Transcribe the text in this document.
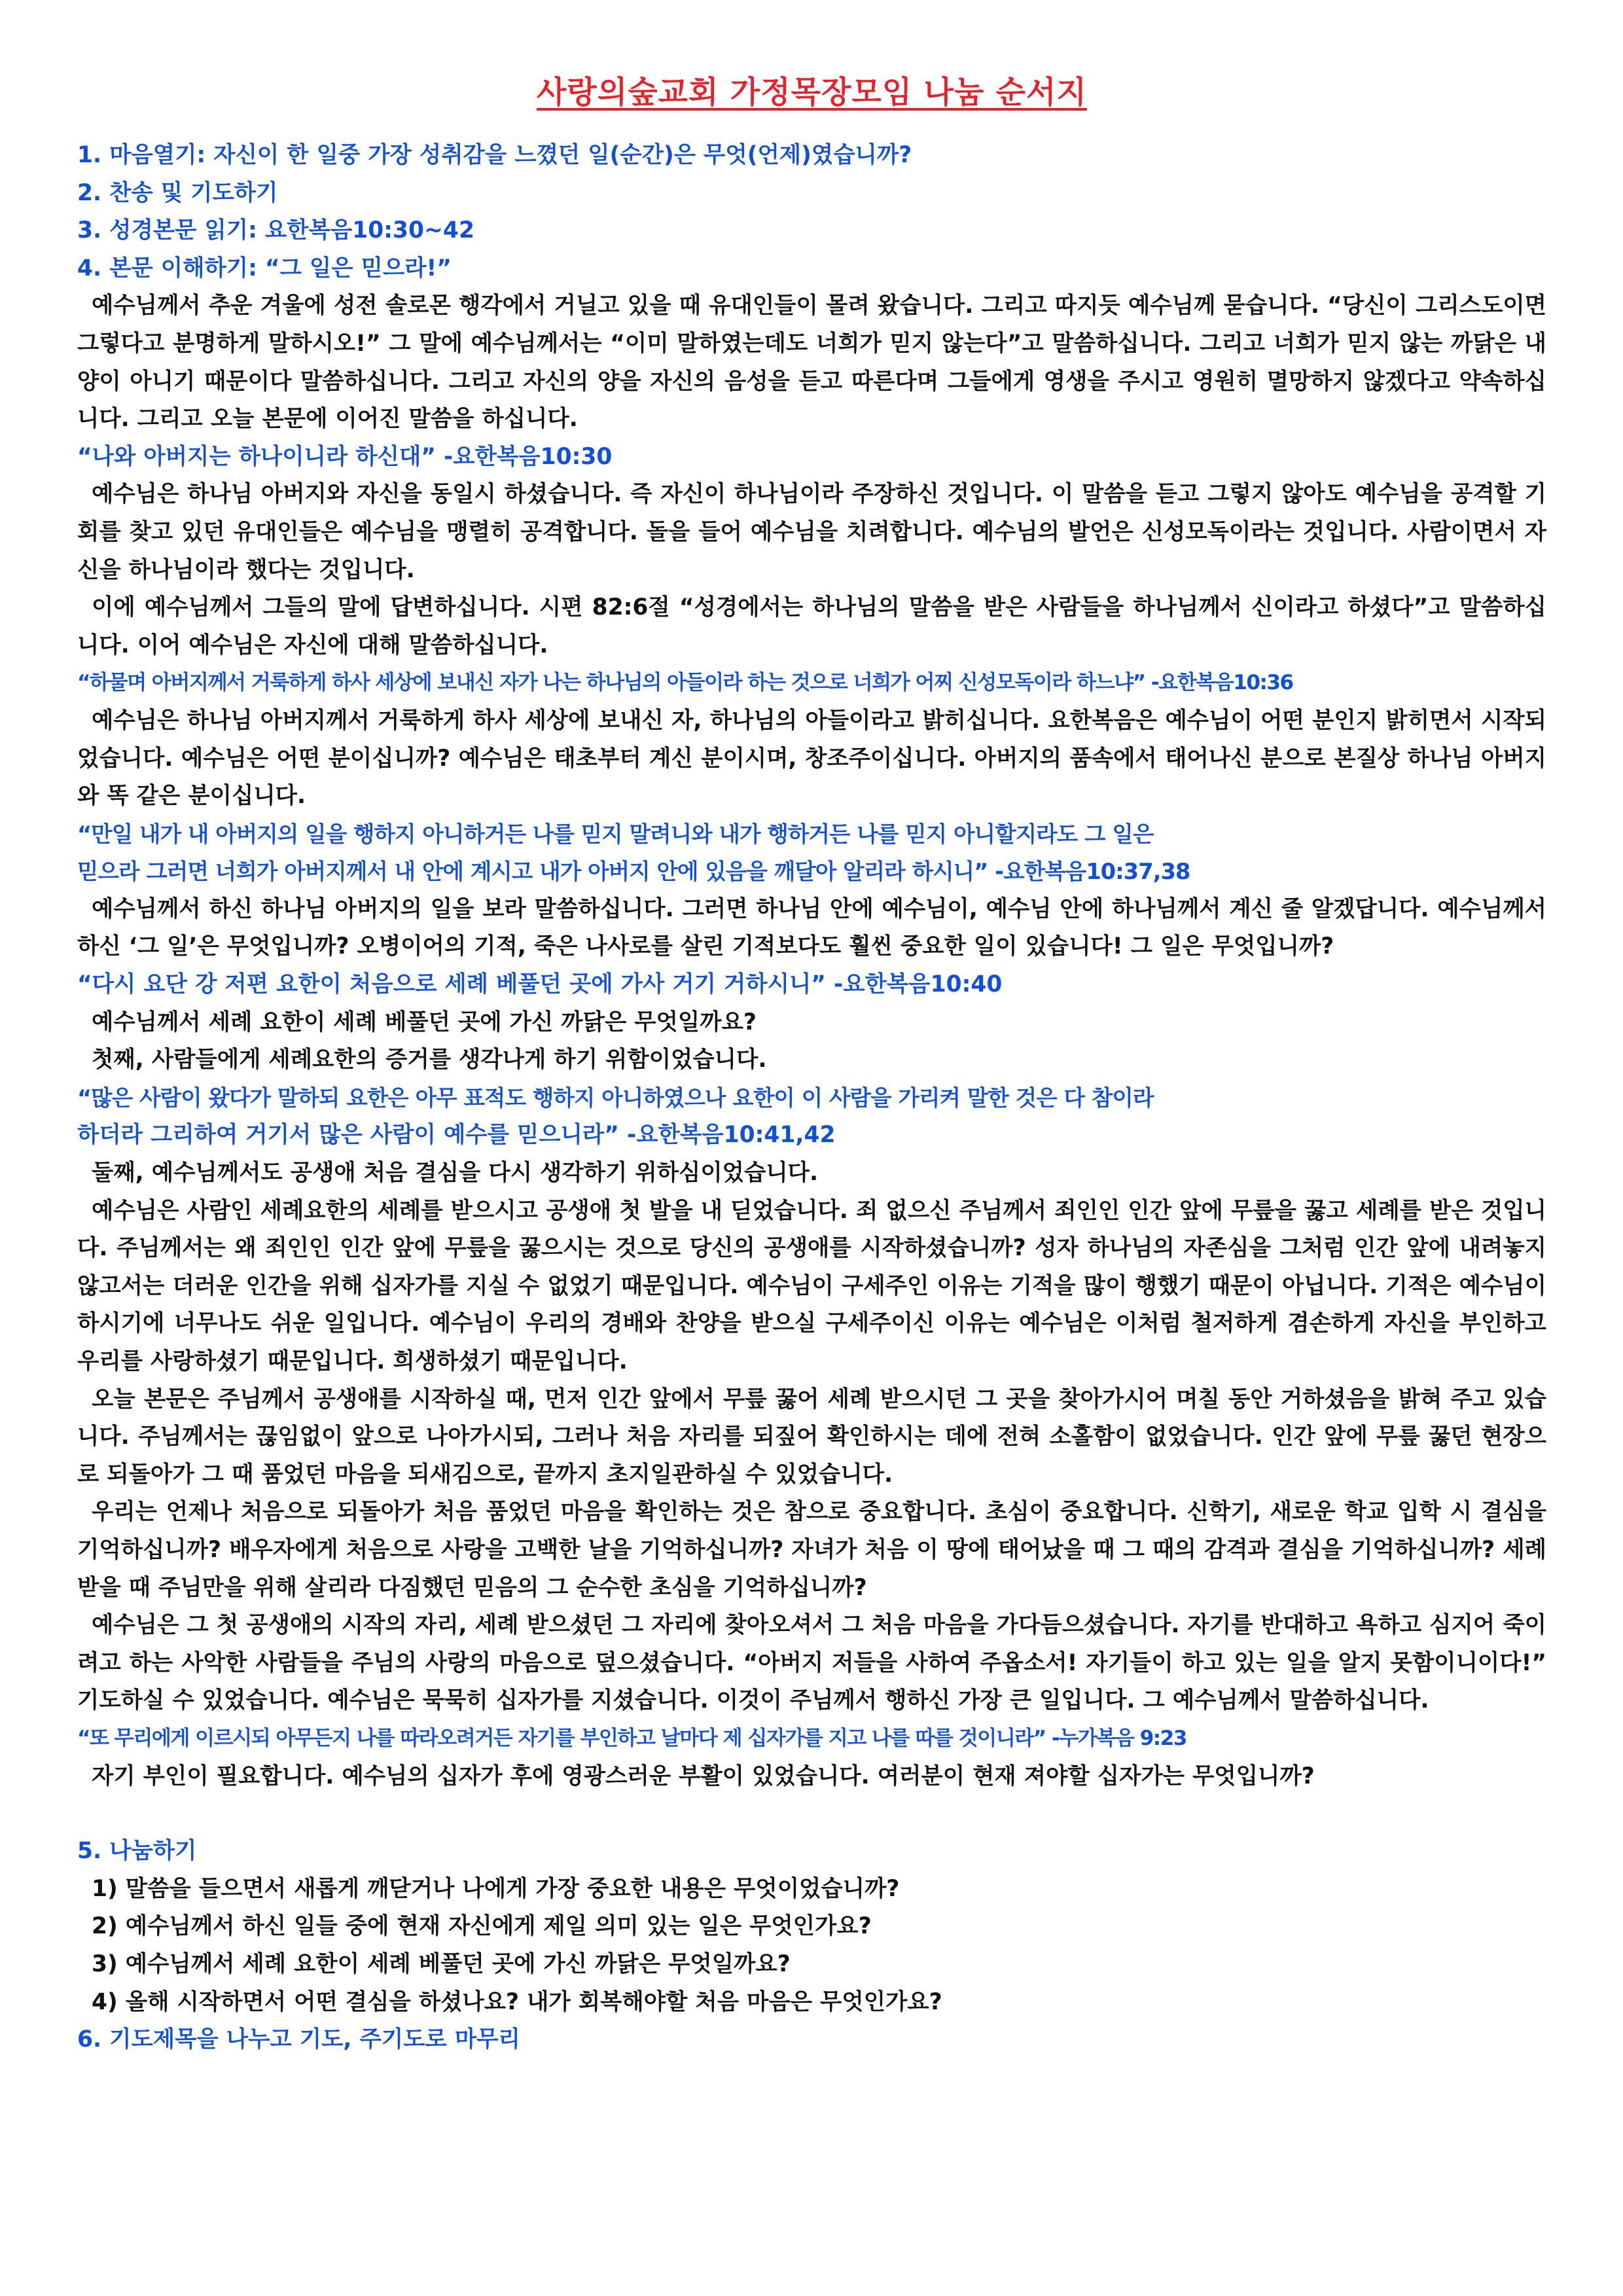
사랑의숲교회 가정목장모임 나눔 순서지

1. 마음열기: 자신이 한 일중 가장 성취감을 느꼈던 일(순간)은 무엇(언제)였습니까?

2. 찬송 및 기도하기

3. 성경본문 읽기: 요한복음10:30~42

4. 본문 이해하기: “그 일은 믿으라!”

예수님께서 추운 겨울에 성전 솔로몬 행각에서 거닐고 있을 때 유대인들이 몰려 왔습니다. 그리고 따지듯 예수님께 묻습니다. “당신이 그리스도이면 그렇다고 분명하게 말하시오!” 그 말에 예수님께서는 “이미 말하였는데도 너희가 믿지 않는다”고 말씀하십니다. 그리고 너희가 믿지 않는 까닭은 내 양이 아니기 때문이다 말씀하십니다. 그리고 자신의 양을 자신의 음성을 듣고 따른다며 그들에게 영생을 주시고 영원히 멸망하지 않겠다고 약속하십니다. 그리고 오늘 본문에 이어진 말씀을 하십니다.

“나와 아버지는 하나이니라 하신대” -요한복음10:30

예수님은 하나님 아버지와 자신을 동일시 하셨습니다. 즉 자신이 하나님이라 주장하신 것입니다. 이 말씀을 듣고 그렇지 않아도 예수님을 공격할 기회를 찾고 있던 유대인들은 예수님을 맹렬히 공격합니다. 돌을 들어 예수님을 치려합니다. 예수님의 발언은 신성모독이라는 것입니다. 사람이면서 자신을 하나님이라 했다는 것입니다.

이에 예수님께서 그들의 말에 답변하십니다. 시편 82:6절 “성경에서는 하나님의 말씀을 받은 사람들을 하나님께서 신이라고 하셨다”고 말씀하십니다. 이어 예수님은 자신에 대해 말씀하십니다.

“하물며 아버지께서 거룩하게 하사 세상에 보내신 자가 나는 하나님의 아들이라 하는 것으로 너희가 어찌 신성모독이라 하느냐” -요한복음10:36

예수님은 하나님 아버지께서 거룩하게 하사 세상에 보내신 자, 하나님의 아들이라고 밝히십니다. 요한복음은 예수님이 어떤 분인지 밝히면서 시작되었습니다. 예수님은 어떤 분이십니까? 예수님은 태초부터 계신 분이시며, 창조주이십니다. 아버지의 품속에서 태어나신 분으로 본질상 하나님 아버지와 똑 같은 분이십니다.

“만일 내가 내 아버지의 일을 행하지 아니하거든 나를 믿지 말려니와 내가 행하거든 나를 믿지 아니할지라도 그 일은

믿으라 그러면 너희가 아버지께서 내 안에 계시고 내가 아버지 안에 있음을 깨달아 알리라 하시니” -요한복음10:37,38

예수님께서 하신 하나님 아버지의 일을 보라 말씀하십니다. 그러면 하나님 안에 예수님이, 예수님 안에 하나님께서 계신 줄 알겠답니다. 예수님께서 하신 ‘그 일’은 무엇입니까? 오병이어의 기적, 죽은 나사로를 살린 기적보다도 훨씬 중요한 일이 있습니다! 그 일은 무엇입니까?

“다시 요단 강 저편 요한이 처음으로 세례 베풀던 곳에 가사 거기 거하시니” -요한복음10:40

예수님께서 세례 요한이 세례 베풀던 곳에 가신 까닭은 무엇일까요?

첫째, 사람들에게 세례요한의 증거를 생각나게 하기 위함이었습니다.

“많은 사람이 왔다가 말하되 요한은 아무 표적도 행하지 아니하였으나 요한이 이 사람을 가리켜 말한 것은 다 참이라

하더라 그리하여 거기서 많은 사람이 예수를 믿으니라” -요한복음10:41,42

둘째, 예수님께서도 공생애 처음 결심을 다시 생각하기 위하심이었습니다.

예수님은 사람인 세례요한의 세례를 받으시고 공생애 첫 발을 내 딛었습니다. 죄 없으신 주님께서 죄인인 인간 앞에 무릎을 꿇고 세례를 받은 것입니다. 주님께서는 왜 죄인인 인간 앞에 무릎을 꿇으시는 것으로 당신의 공생애를 시작하셨습니까? 성자 하나님의 자존심을 그처럼 인간 앞에 내려놓지 않고서는 더러운 인간을 위해 십자가를 지실 수 없었기 때문입니다. 예수님이 구세주인 이유는 기적을 많이 행했기 때문이 아닙니다. 기적은 예수님이 하시기에 너무나도 쉬운 일입니다. 예수님이 우리의 경배와 찬양을 받으실 구세주이신 이유는 예수님은 이처럼 철저하게 겸손하게 자신을 부인하고 우리를 사랑하셨기 때문입니다. 희생하셨기 때문입니다.

오늘 본문은 주님께서 공생애를 시작하실 때, 먼저 인간 앞에서 무릎 꿇어 세례 받으시던 그 곳을 찾아가시어 며칠 동안 거하셨음을 밝혀 주고 있습니다. 주님께서는 끊임없이 앞으로 나아가시되, 그러나 처음 자리를 되짚어 확인하시는 데에 전혀 소홀함이 없었습니다. 인간 앞에 무릎 꿇던 현장으로 되돌아가 그 때 품었던 마음을 되새김으로, 끝까지 초지일관하실 수 있었습니다.

우리는 언제나 처음으로 되돌아가 처음 품었던 마음을 확인하는 것은 참으로 중요합니다. 초심이 중요합니다. 신학기, 새로운 학교 입학 시 결심을 기억하십니까? 배우자에게 처음으로 사랑을 고백한 날을 기억하십니까? 자녀가 처음 이 땅에 태어났을 때 그 때의 감격과 결심을 기억하십니까? 세례 받을 때 주님만을 위해 살리라 다짐했던 믿음의 그 순수한 초심을 기억하십니까?

예수님은 그 첫 공생애의 시작의 자리, 세례 받으셨던 그 자리에 찾아오셔서 그 처음 마음을 가다듬으셨습니다. 자기를 반대하고 욕하고 심지어 죽이려고 하는 사악한 사람들을 주님의 사랑의 마음으로 덮으셨습니다. “아버지 저들을 사하여 주옵소서! 자기들이 하고 있는 일을 알지 못함이니이다!” 기도하실 수 있었습니다. 예수님은 묵묵히 십자가를 지셨습니다. 이것이 주님께서 행하신 가장 큰 일입니다. 그 예수님께서 말씀하십니다.

“또 무리에게 이르시되 아무든지 나를 따라오려거든 자기를 부인하고 날마다 제 십자가를 지고 나를 따를 것이니라” -누가복음 9:23

자기 부인이 필요합니다. 예수님의 십자가 후에 영광스러운 부활이 있었습니다. 여러분이 현재 져야할 십자가는 무엇입니까?

5. 나눔하기

1) 말씀을 들으면서 새롭게 깨닫거나 나에게 가장 중요한 내용은 무엇이었습니까?

2) 예수님께서 하신 일들 중에 현재 자신에게 제일 의미 있는 일은 무엇인가요?

3) 예수님께서 세례 요한이 세례 베풀던 곳에 가신 까닭은 무엇일까요?

4) 올해 시작하면서 어떤 결심을 하셨나요? 내가 회복해야할 처음 마음은 무엇인가요?

6. 기도제목을 나누고 기도, 주기도로 마무리
